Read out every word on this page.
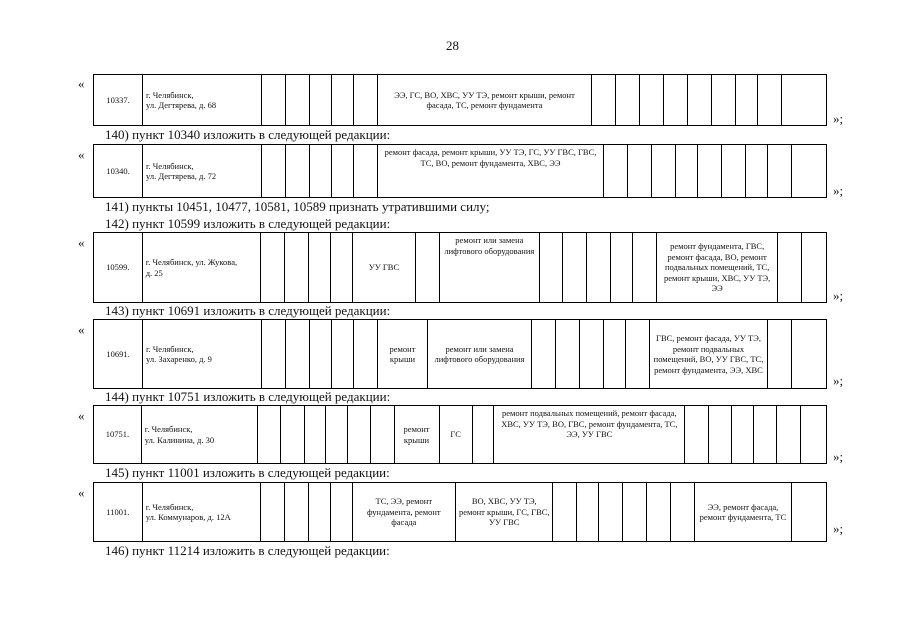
28
«
10337.
г. Челябинск,
ул. Дегтярева, д. 68
ЭЭ, ГС, ВО, ХВС, УУ ТЭ, ремонт крыши, ремонт фасада, ТС, ремонт фундамента
»;
140) пункт 10340 изложить в следующей редакции:
«
10340.
г. Челябинск,
ул. Дегтярева, д. 72
ремонт фасада, ремонт крыши, УУ ТЭ, ГС, УУ ГВС, ГВС, ТС, ВО, ремонт фундамента, ХВС, ЭЭ
»;
141) пункты 10451, 10477, 10581, 10589 признать утратившими силу;
142) пункт 10599 изложить в следующей редакции:
«
10599.
г. Челябинск, ул. Жукова,
д. 25
УУ ГВС
ремонт или замена лифтового оборудования	ремонт фундамента, ГВС, ремонт фасада, ВО, ремонт подвальных помещений, ТС, ремонт крыши, ХВС, УУ ТЭ, ЭЭ	»;
143) пункт 10691 изложить в следующей редакции:
«
10691.
г. Челябинск,
ул. Захаренко, д. 9
ремонт крыши
ремонт или замена лифтового оборудования
ГВС, ремонт фасада, УУ ТЭ, ремонт подвальных помещений, ВО, УУ ГВС, ТС, ремонт фундамента, ЭЭ, ХВС
»;
144) пункт 10751 изложить в следующей редакции:
«
10751.
г. Челябинск,
ул. Калинина, д. 30
ремонт крыши
ГС
ремонт подвальных помещений, ремонт фасада, ХВС, УУ ТЭ, ВО, ГВС, ремонт фундамента, ТС, ЭЭ, УУ ГВС
»;
145) пункт 11001 изложить в следующей редакции:
«
11001.
г. Челябинск,
ул. Коммунаров, д. 12А
ТС, ЭЭ, ремонт фундамента, ремонт фасада
ВО, ХВС, УУ ТЭ, ремонт крыши, ГС, ГВС, УУ ГВС
ЭЭ, ремонт фасада, ремонт фундамента, ТС
»;
146) пункт 11214 изложить в следующей редакции:
